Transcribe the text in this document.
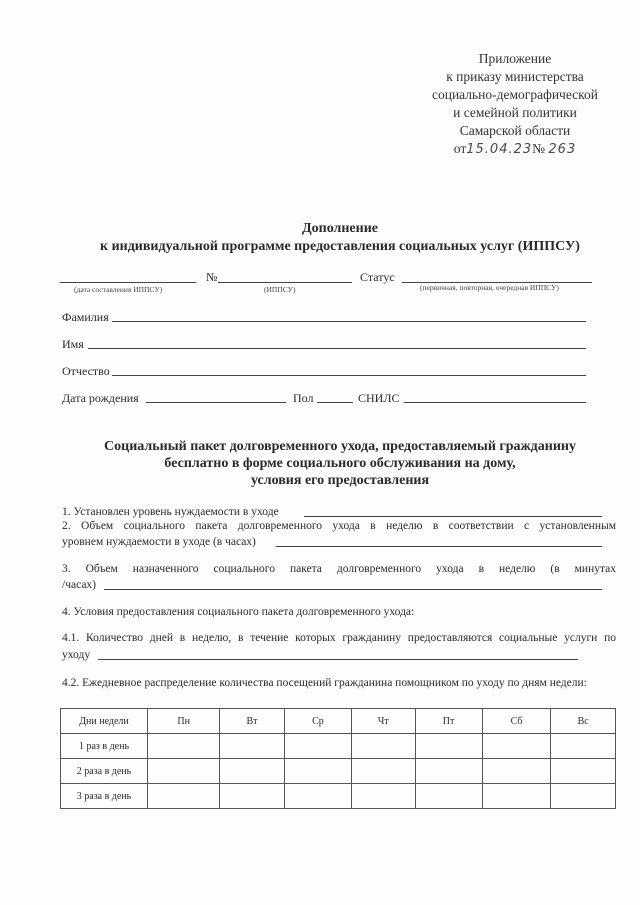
Приложение
к приказу министерства
социально-демографической
и семейной политики
Самарской области
от15.04.23№ 263
Дополнение
к индивидуальной программе предоставления социальных услуг (ИППСУ)
№	Статус
(дата составления ИППСУ)	(ИППСУ)	(первичная, повторная, очередная ИППСУ)
Фамилия
Имя
Отчество
Дата рождения	Пол	СНИЛС
Социальный пакет долговременного ухода, предоставляемый гражданину
бесплатно в форме социального обслуживания на дому,
условия его предоставления
1. Установлен уровень нуждаемости в уходе
2. Объем социального пакета долговременного ухода в неделю в соответствии с установленным
уровнем нуждаемости в уходе (в часах)
3. Объем назначенного социального пакета долговременного ухода в неделю (в минутах
/часах)
4. Условия предоставления социального пакета долговременного ухода:
4.1. Количество дней в неделю, в течение которых гражданину предоставляются социальные услуги по
уходу
4.2. Ежедневное распределение количества посещений гражданина помощником по уходу по дням недели:
Дни недели	Пн	Вт	Ср	Чт	Пт	Сб	Вс
1 раз в день							
2 раза в день							
3 раза в день							
